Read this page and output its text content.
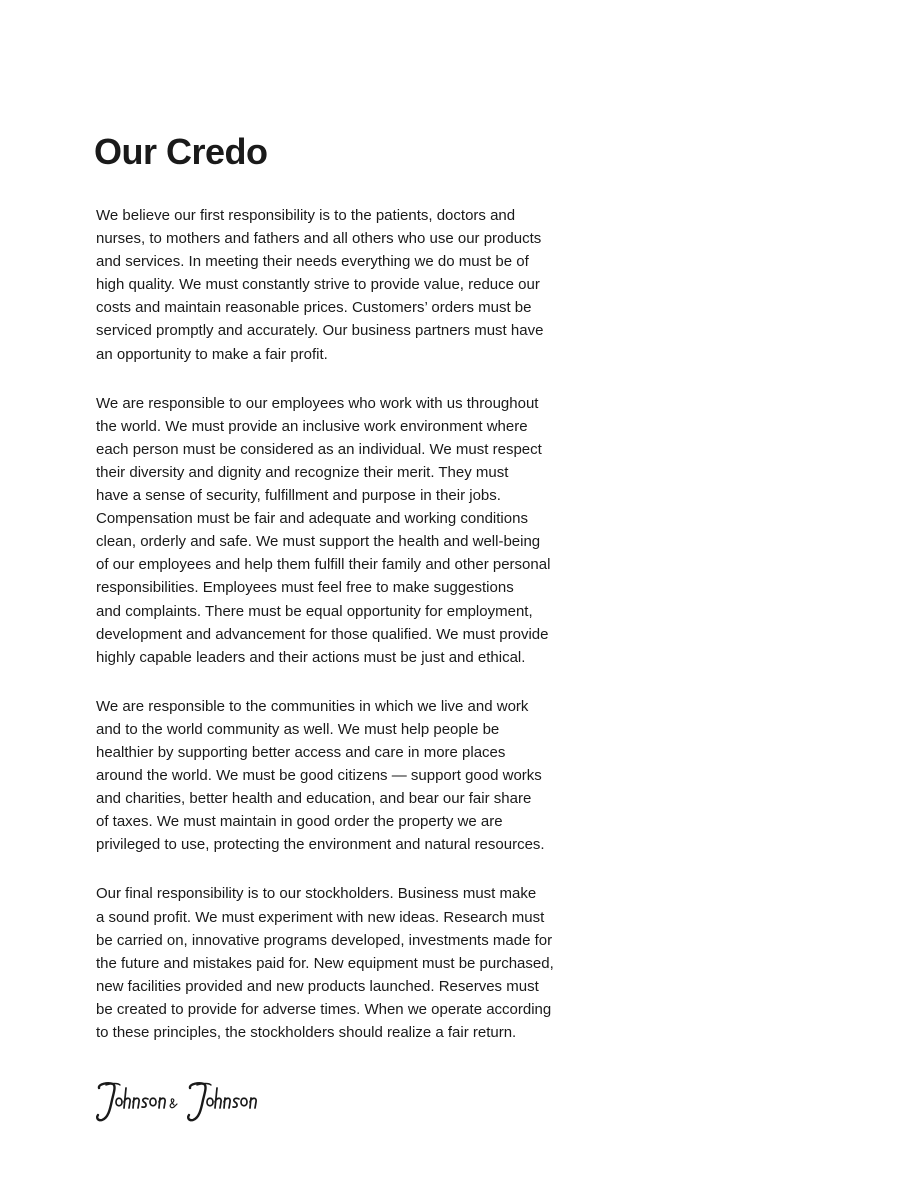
Our Credo

We believe our first responsibility is to the patients, doctors and
nurses, to mothers and fathers and all others who use our products
and services. In meeting their needs everything we do must be of
high quality. We must constantly strive to provide value, reduce our
costs and maintain reasonable prices. Customers’ orders must be
serviced promptly and accurately. Our business partners must have
an opportunity to make a fair profit.

We are responsible to our employees who work with us throughout
the world. We must provide an inclusive work environment where
each person must be considered as an individual. We must respect
their diversity and dignity and recognize their merit. They must
have a sense of security, fulfillment and purpose in their jobs.
Compensation must be fair and adequate and working conditions
clean, orderly and safe. We must support the health and well-being
of our employees and help them fulfill their family and other personal
responsibilities. Employees must feel free to make suggestions
and complaints. There must be equal opportunity for employment,
development and advancement for those qualified. We must provide
highly capable leaders and their actions must be just and ethical.

We are responsible to the communities in which we live and work
and to the world community as well. We must help people be
healthier by supporting better access and care in more places
around the world. We must be good citizens — support good works
and charities, better health and education, and bear our fair share
of taxes. We must maintain in good order the property we are
privileged to use, protecting the environment and natural resources.

Our final responsibility is to our stockholders. Business must make
a sound profit. We must experiment with new ideas. Research must
be carried on, innovative programs developed, investments made for
the future and mistakes paid for. New equipment must be purchased,
new facilities provided and new products launched. Reserves must
be created to provide for adverse times. When we operate according
to these principles, the stockholders should realize a fair return.
